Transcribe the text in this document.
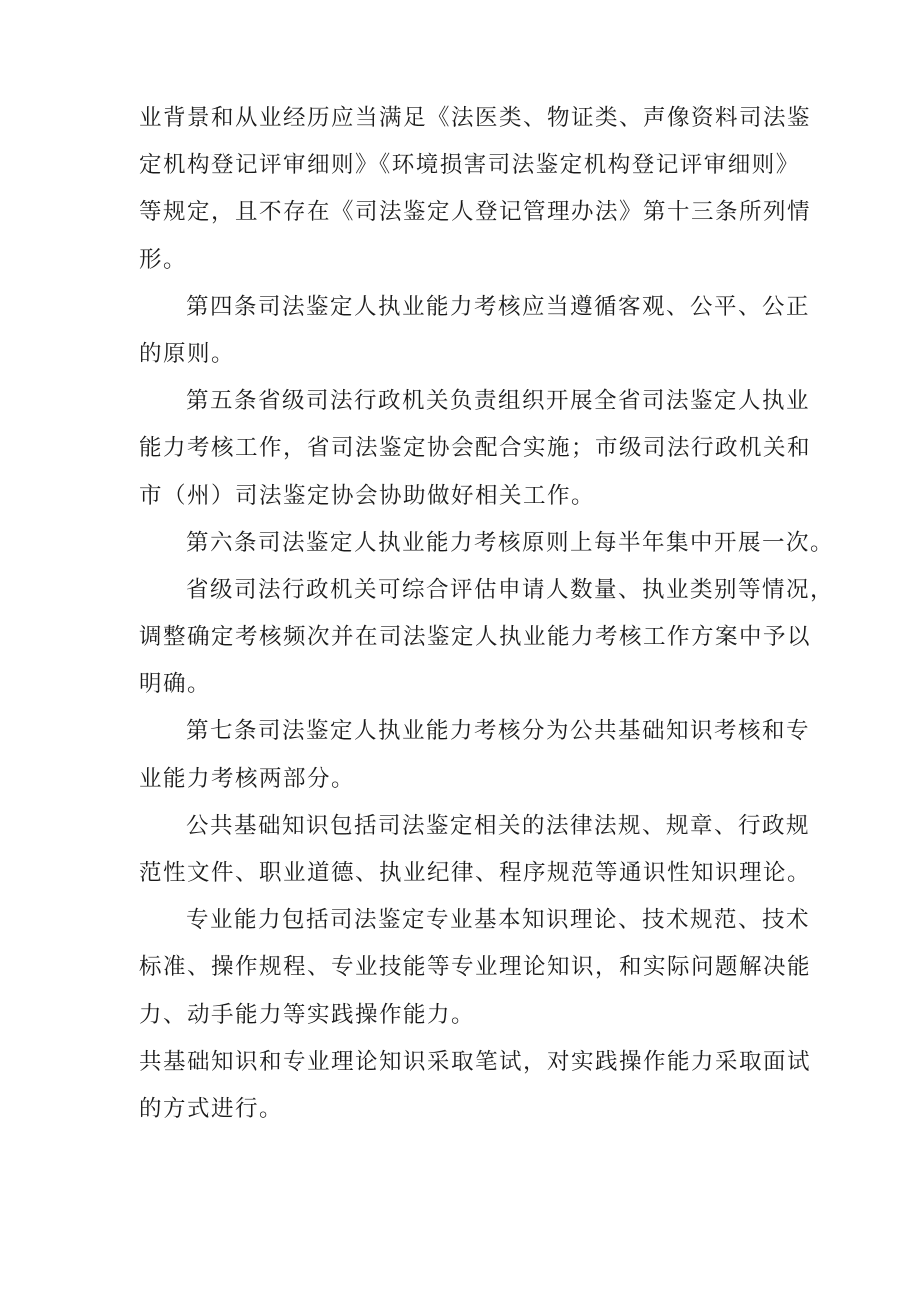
业背景和从业经历应当满足《法医类、物证类、声像资料司法鉴
定机构登记评审细则》《环境损害司法鉴定机构登记评审细则》
等规定，且不存在《司法鉴定人登记管理办法》第十三条所列情
形。
第四条司法鉴定人执业能力考核应当遵循客观、公平、公正
的原则。
第五条省级司法行政机关负责组织开展全省司法鉴定人执业
能力考核工作，省司法鉴定协会配合实施；市级司法行政机关和
市（州）司法鉴定协会协助做好相关工作。
第六条司法鉴定人执业能力考核原则上每半年集中开展一次。
省级司法行政机关可综合评估申请人数量、执业类别等情况，
调整确定考核频次并在司法鉴定人执业能力考核工作方案中予以
明确。
第七条司法鉴定人执业能力考核分为公共基础知识考核和专
业能力考核两部分。
公共基础知识包括司法鉴定相关的法律法规、规章、行政规
范性文件、职业道德、执业纪律、程序规范等通识性知识理论。
专业能力包括司法鉴定专业基本知识理论、技术规范、技术
标准、操作规程、专业技能等专业理论知识，和实际问题解决能
力、动手能力等实践操作能力。
共基础知识和专业理论知识采取笔试，对实践操作能力采取面试
的方式进行。
